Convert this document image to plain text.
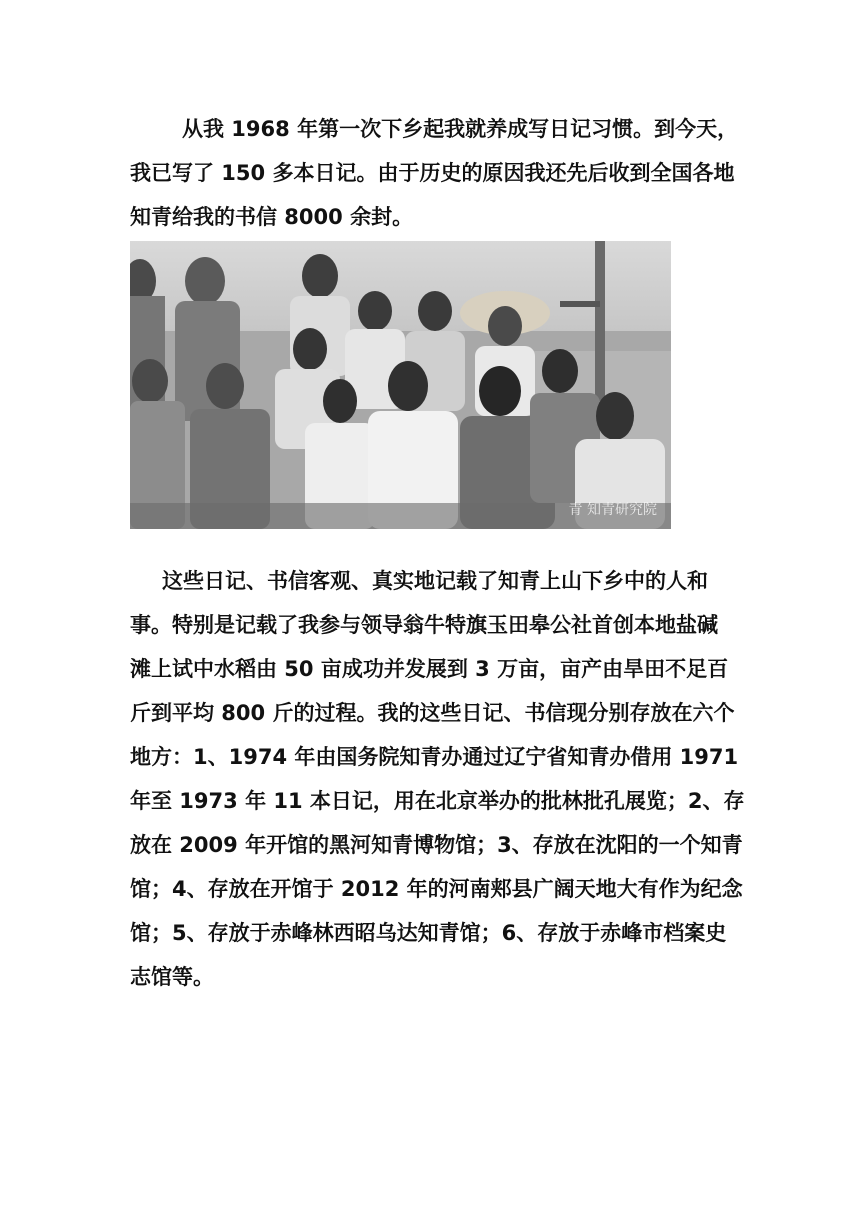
从我 1968 年第一次下乡起我就养成写日记习惯。到今天，
我已写了 150 多本日记。由于历史的原因我还先后收到全国各地
知青给我的书信 8000 余封。

青 知青研究院

这些日记、书信客观、真实地记载了知青上山下乡中的人和
事。特别是记载了我参与领导翁牛特旗玉田皋公社首创本地盐碱
滩上试中水稻由 50 亩成功并发展到 3 万亩，亩产由旱田不足百
斤到平均 800 斤的过程。我的这些日记、书信现分别存放在六个
地方：1、1974 年由国务院知青办通过辽宁省知青办借用 1971
年至 1973 年 11 本日记，用在北京举办的批林批孔展览；2、存
放在 2009 年开馆的黑河知青博物馆；3、存放在沈阳的一个知青
馆；4、存放在开馆于 2012 年的河南郏县广阔天地大有作为纪念
馆；5、存放于赤峰林西昭乌达知青馆；6、存放于赤峰市档案史
志馆等。
